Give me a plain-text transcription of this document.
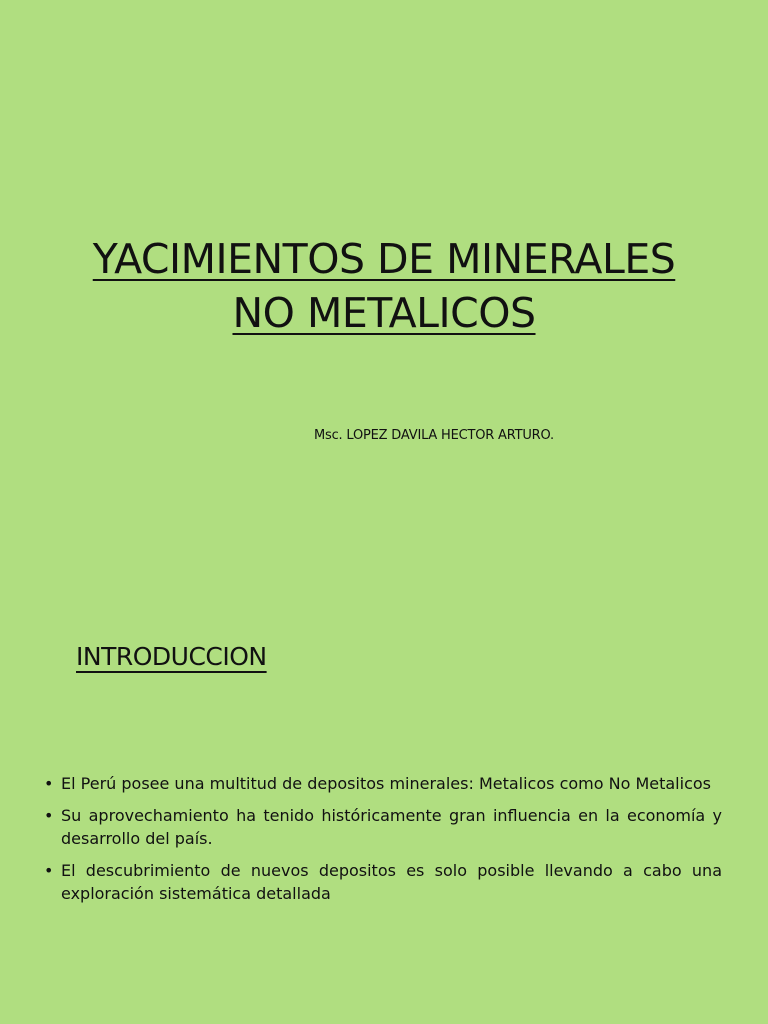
YACIMIENTOS DE MINERALES
NO METALICOS
Msc. LOPEZ DAVILA HECTOR ARTURO.
INTRODUCCION
• El Perú posee una multitud de depositos minerales: Metalicos como No Metalicos
• Su aprovechamiento ha tenido históricamente gran influencia en la economía y desarrollo del país.
• El descubrimiento de nuevos depositos es solo posible llevando a cabo una exploración sistemática detallada
